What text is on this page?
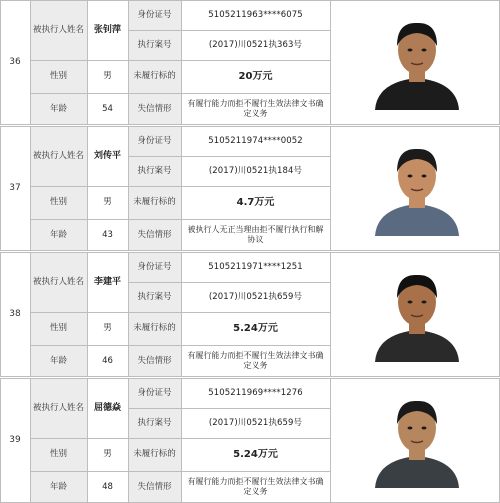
36
被执行人姓名	张钊萍
身份证号	5105211963****6075
执行案号	(2017)川0521执363号
性别	男	未履行标的	20万元
年龄	54	失信情形
有履行能力而拒不履行生效法律文书确定义务
37
被执行人姓名	刘传平
身份证号	5105211974****0052
执行案号	(2017)川0521执184号
性别	男	未履行标的	4.7万元
年龄	43	失信情形
被执行人无正当理由拒不履行执行和解协议
38
被执行人姓名	李建平
身份证号	5105211971****1251
执行案号	(2017)川0521执659号
性别	男	未履行标的	5.24万元
年龄	46	失信情形
有履行能力而拒不履行生效法律文书确定义务
39
被执行人姓名	屈德焱
身份证号	5105211969****1276
执行案号	(2017)川0521执659号
性别	男	未履行标的	5.24万元
年龄	48	失信情形
有履行能力而拒不履行生效法律文书确定义务
